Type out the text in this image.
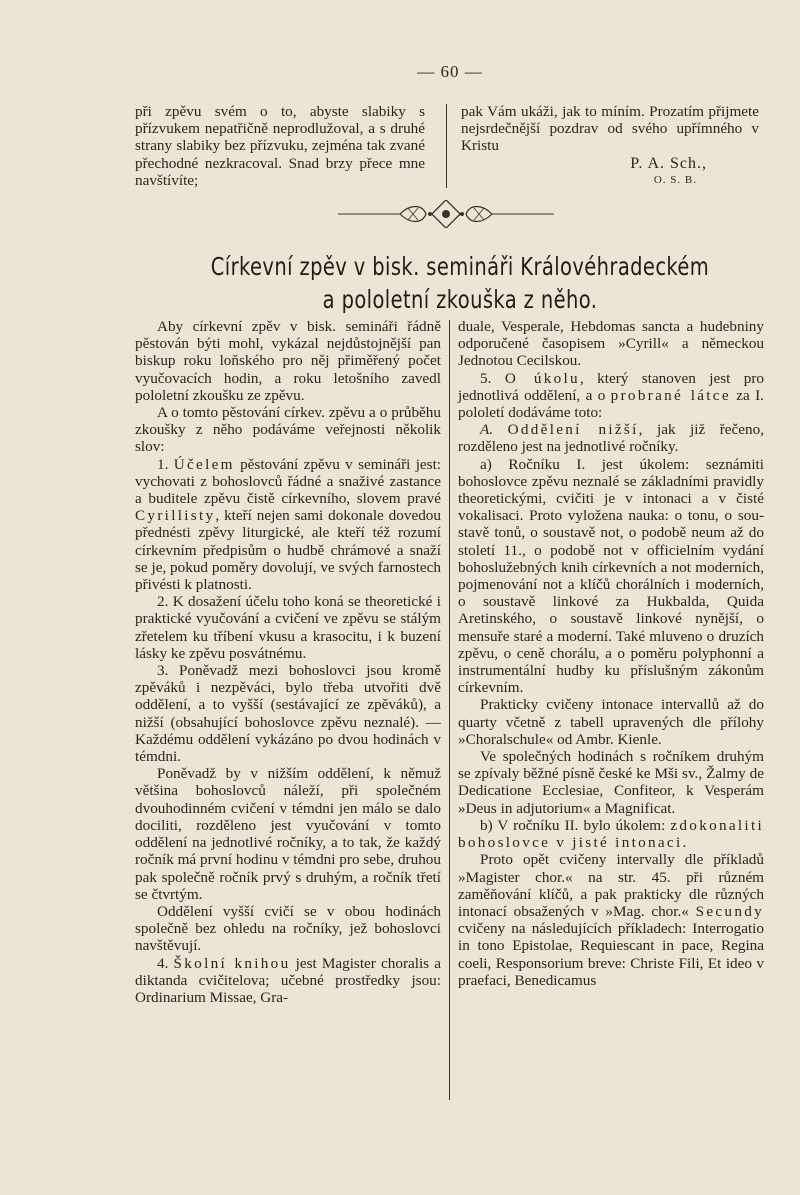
— 60 —

při zpěvu svém o to, abyste slabiky s přízvukem nepatřičně neprodlužoval, a s druhé strany slabiky bez přízvuku, zejména tak zvané přechodné nezkracoval. Snad brzy přece mne navštívíte;

pak Vám ukáži, jak to míním. Prozatím přijmete nejsrdečnější pozdrav od svého upřímného v Kristu

P. A. Sch.,
O. S. B.
Církevní zpěv v bisk. semináři Královéhradeckém
a pololetní zkouška z něho.

Aby církevní zpěv v bisk. semináři řádně pěstován býti mohl, vykázal nejdůstojnější pan biskup roku loňského pro něj přiměřený počet vyučovacích hodin, a roku letošního zavedl pololetní zkoušku ze zpěvu.

A o tomto pěstování církev. zpěvu a o průběhu zkoušky z něho podáváme veřejnosti několik slov:

1. Účelem pěstování zpěvu v semináři jest: vychovati z bohoslovců řádné a snaživé zastance a buditele zpěvu čistě církevního, slovem pravé Cyrillisty, kteří nejen sami dokonale dovedou přednésti zpěvy liturgické, ale kteří též rozumí církevním předpisům o hudbě chrámové a snaží se je, pokud poměry dovolují, ve svých farnostech přivésti k platnosti.

2. K dosažení účelu toho koná se theoretické i praktické vyučování a cvičení ve zpěvu se stálým zřetelem ku tříbení vkusu a krasocitu, i k buzení lásky ke zpěvu posvátnému.

3. Poněvadž mezi bohoslovci jsou kromě zpěváků i nezpěváci, bylo třeba utvořiti dvě oddělení, a to vyšší (sestávající ze zpěváků), a nižší (obsahující bohoslovce zpěvu neznalé). — Každému oddělení vykázáno po dvou hodinách v témdni.

Poněvadž by v nižším oddělení, k němuž většina bohoslovců náleží, při společném dvouhodinném cvičení v témdni jen málo se dalo dociliti, rozděleno jest vyučování v tomto oddělení na jednotlivé ročníky, a to tak, že každý ročník má první hodinu v témdni pro sebe, druhou pak společně ročník prvý s druhým, a ročník třetí se čtvrtým.

Oddělení vyšší cvičí se v obou hodinách společně bez ohledu na ročníky, jež bohoslovci navštěvují.

4. Školní knihou jest Magister choralis a diktanda cvičitelova; učebné prostředky jsou: Ordinarium Missae, Gra-

duale, Vesperale, Hebdomas sancta a hudebniny odporučené časopisem »Cyrill« a německou Jednotou Cecilskou.

5. O úkolu, který stanoven jest pro jednotlivá oddělení, a o probrané látce za I. pololetí dodáváme toto:

A. Oddělení nižší, jak již řečeno, rozděleno jest na jednotlivé ročníky.

a) Ročníku I. jest úkolem: seznámiti bohoslovce zpěvu neznalé se základními pravidly theoretickými, cvičiti je v intonaci a v čisté vokalisaci. Proto vyložena nauka: o tonu, o soustavě tonů, o soustavě not, o podobě neum až do století 11., o podobě not v officielním vydání bohoslužebných knih církevních a not moderních, pojmenování not a klíčů chorálních i moderních, o soustavě linkové za Hukbalda, Quida Aretinského, o soustavě linkové nynější, o mensuře staré a moderní. Také mluveno o druzích zpěvu, o ceně chorálu, a o poměru polyphonní a instrumentální hudby ku příslušným zákonům církevním.

Prakticky cvičeny intonace intervallů až do quarty včetně z tabell upravených dle přílohy »Choralschule« od Ambr. Kienle.

Ve společných hodinách s ročníkem druhým se zpívaly běžné písně české ke Mši sv., Žalmy de Dedicatione Ecclesiae, Confiteor, k Vesperám »Deus in adjutorium« a Magnificat.

b) V ročníku II. bylo úkolem: zdokonaliti bohoslovce v jisté intonaci.

Proto opět cvičeny intervally dle příkladů »Magister chor.« na str. 45. při různém zaměňování klíčů, a pak prakticky dle různých intonací obsažených v »Mag. chor.« Secundy cvičeny na následujících příkladech: Interrogatio in tono Epistolae, Requiescant in pace, Regina coeli, Responsorium breve: Christe Fili, Et ideo v praefaci, Benedicamus
